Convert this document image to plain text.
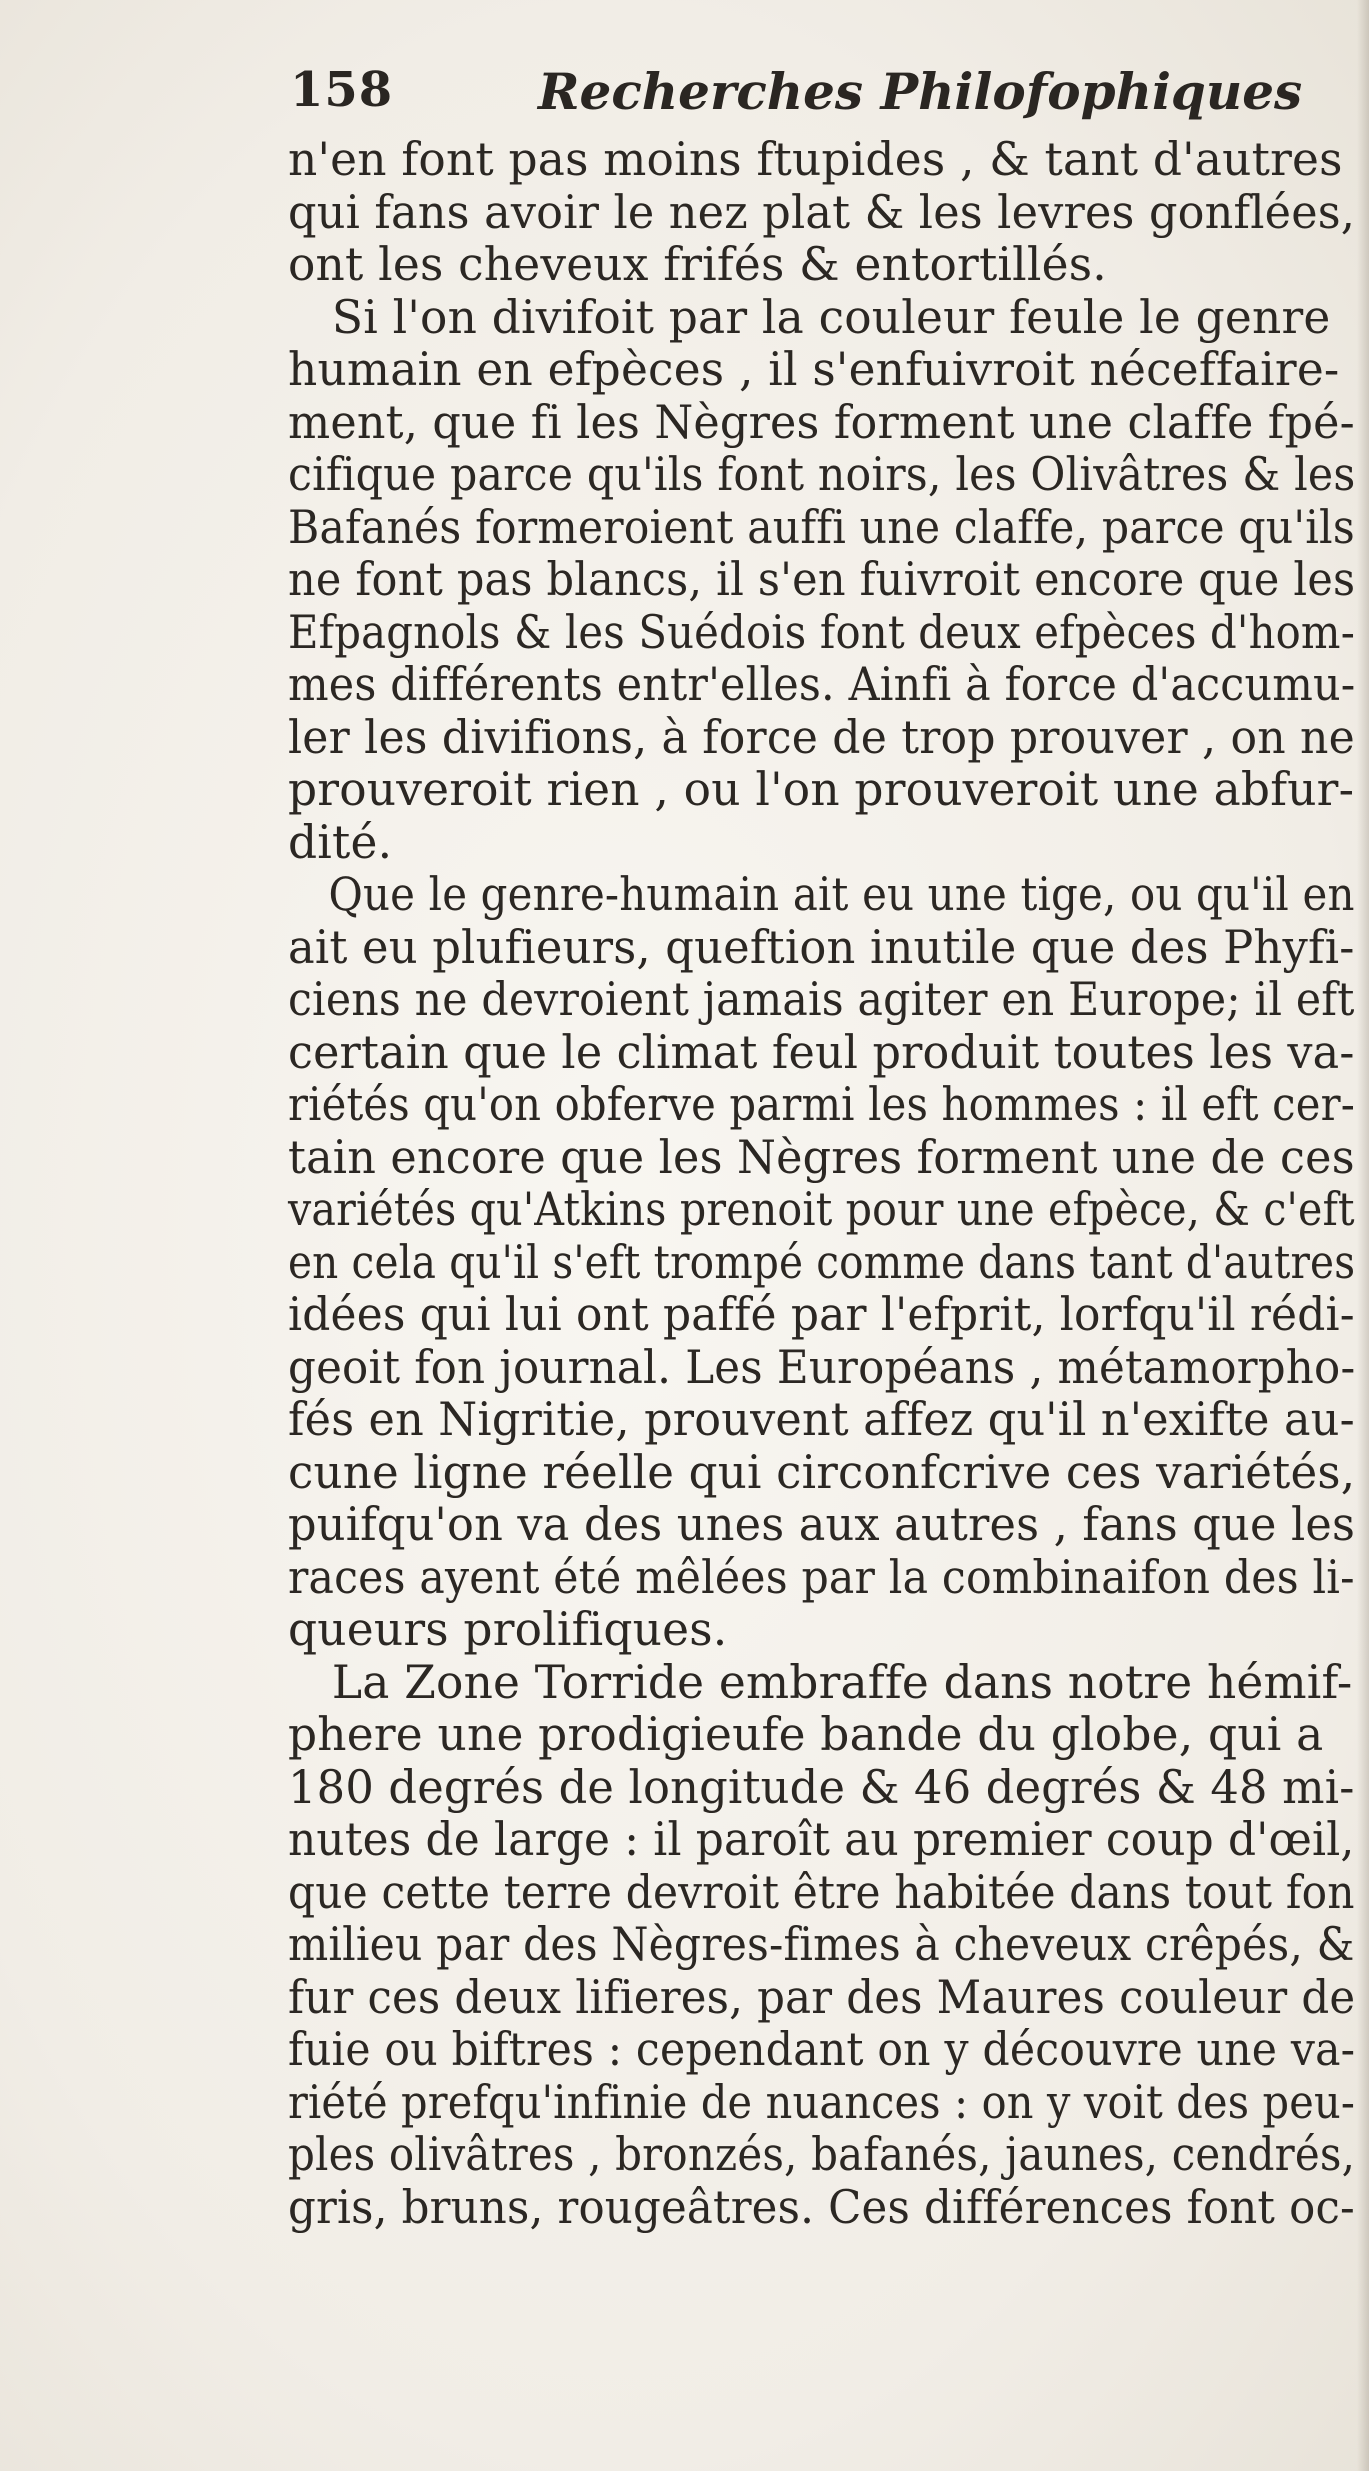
158	Recherches Philofophiques
n'en font pas moins ftupides , & tant d'autres
qui fans avoir le nez plat & les levres gonflées,
ont les cheveux frifés & entortillés.
Si l'on divifoit par la couleur feule le genre
humain en efpèces , il s'enfuivroit néceffaire-
ment, que fi les Nègres forment une claffe fpé-
cifique parce qu'ils font noirs, les Olivâtres & les
Bafanés formeroient auffi une claffe, parce qu'ils
ne font pas blancs, il s'en fuivroit encore que les
Efpagnols & les Suédois font deux efpèces d'hom-
mes différents entr'elles. Ainfi à force d'accumu-
ler les divifions, à force de trop prouver , on ne
prouveroit rien , ou l'on prouveroit une abfur-
dité.
Que le genre-humain ait eu une tige, ou qu'il en
ait eu plufieurs, queftion inutile que des Phyfi-
ciens ne devroient jamais agiter en Europe; il eft
certain que le climat feul produit toutes les va-
riétés qu'on obferve parmi les hommes : il eft cer-
tain encore que les Nègres forment une de ces
variétés qu'Atkins prenoit pour une efpèce, & c'eft
en cela qu'il s'eft trompé comme dans tant d'autres
idées qui lui ont paffé par l'efprit, lorfqu'il rédi-
geoit fon journal. Les Européans , métamorpho-
fés en Nigritie, prouvent affez qu'il n'exifte au-
cune ligne réelle qui circonfcrive ces variétés,
puifqu'on va des unes aux autres , fans que les
races ayent été mêlées par la combinaifon des li-
queurs prolifiques.
La Zone Torride embraffe dans notre hémif-
phere une prodigieufe bande du globe, qui a
180 degrés de longitude & 46 degrés & 48 mi-
nutes de large : il paroît au premier coup d'œil,
que cette terre devroit être habitée dans tout fon
milieu par des Nègres-fimes à cheveux crêpés, &
fur ces deux lifieres, par des Maures couleur de
fuie ou biftres : cependant on y découvre une va-
riété prefqu'infinie de nuances : on y voit des peu-
ples olivâtres , bronzés, bafanés, jaunes, cendrés,
gris, bruns, rougeâtres. Ces différences font oc-
